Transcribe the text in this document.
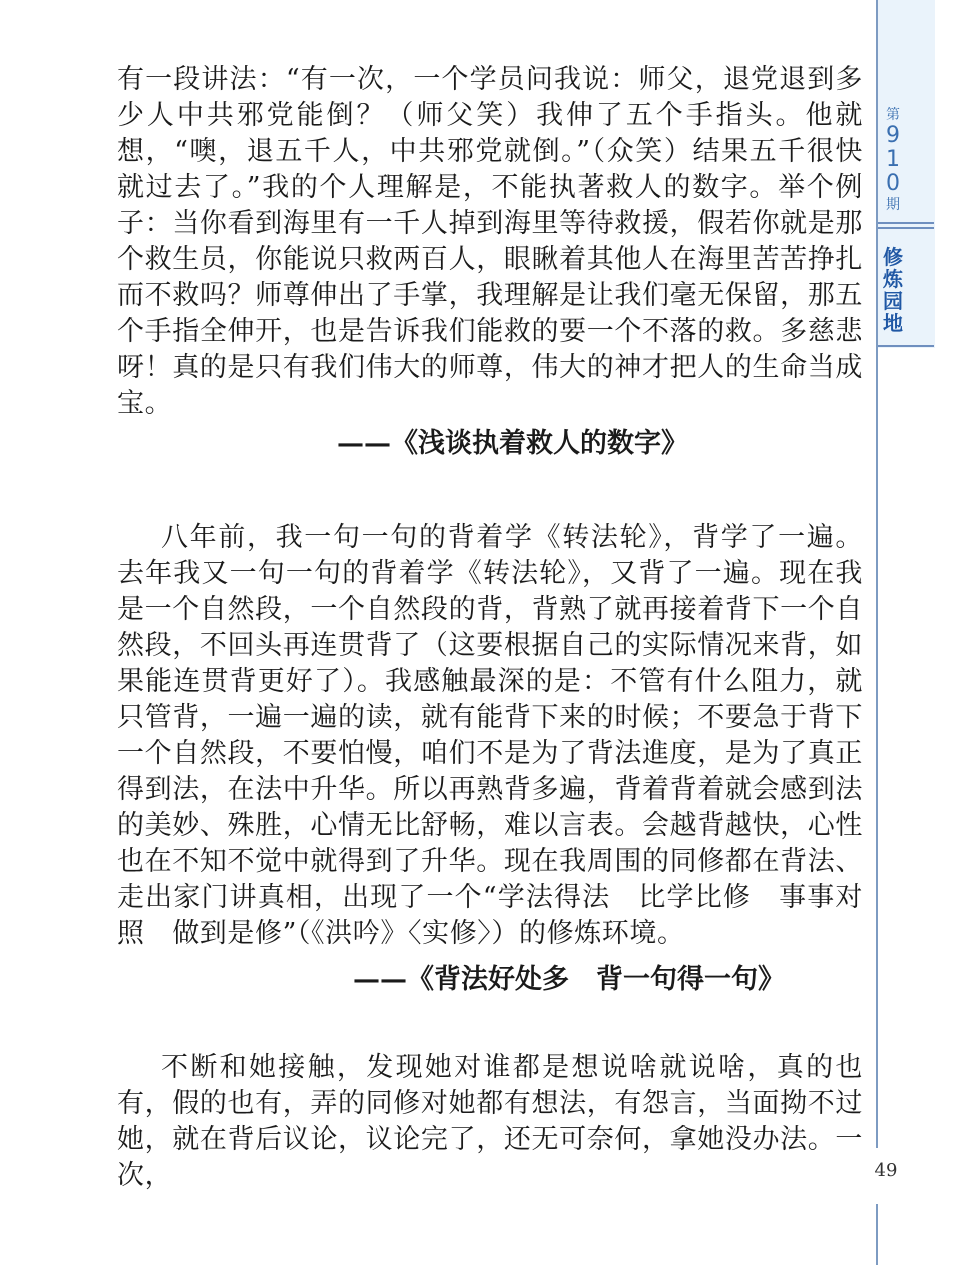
第
9
1
0
期
修
炼
园
地

有一段讲法：“有一次，一个学员问我说：师父，退党退到多少人中共邪党能倒？（师父笑）我伸了五个手指头。他就想，“噢，退五千人，中共邪党就倒。”（众笑）结果五千很快就过去了。”我的个人理解是，不能执著救人的数字。举个例子：当你看到海里有一千人掉到海里等待救援，假若你就是那个救生员，你能说只救两百人，眼瞅着其他人在海里苦苦挣扎而不救吗？师尊伸出了手掌，我理解是让我们毫无保留，那五个手指全伸开，也是告诉我们能救的要一个不落的救。多慈悲呀！真的是只有我们伟大的师尊，伟大的神才把人的生命当成宝。

——《浅谈执着救人的数字》

八年前，我一句一句的背着学《转法轮》，背学了一遍。去年我又一句一句的背着学《转法轮》，又背了一遍。现在我是一个自然段，一个自然段的背，背熟了就再接着背下一个自然段，不回头再连贯背了（这要根据自己的实际情况来背，如果能连贯背更好了）。我感触最深的是：不管有什么阻力，就只管背，一遍一遍的读，就有能背下来的时候；不要急于背下一个自然段，不要怕慢，咱们不是为了背法進度，是为了真正得到法，在法中升华。所以再熟背多遍，背着背着就会感到法的美妙、殊胜，心情无比舒畅，难以言表。会越背越快，心性也在不知不觉中就得到了升华。现在我周围的同修都在背法、走出家门讲真相，出现了一个“学法得法　比学比修　事事对照　做到是修”（《洪吟》〈实修〉）的修炼环境。

——《背法好处多　背一句得一句》

不断和她接触，发现她对谁都是想说啥就说啥，真的也有，假的也有，弄的同修对她都有想法，有怨言，当面拗不过她，就在背后议论，议论完了，还无可奈何，拿她没办法。一次，	49
